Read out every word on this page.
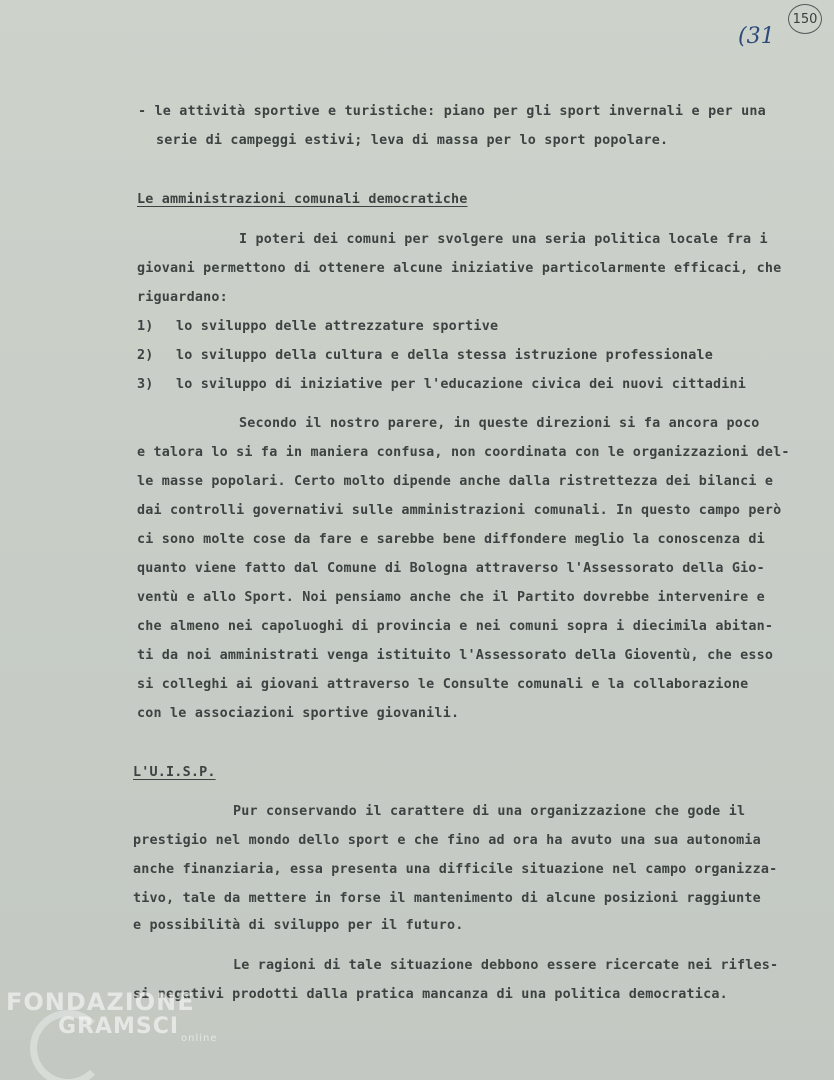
(31
150
- le attività sportive e turistiche: piano per gli sport invernali e per una
serie di campeggi estivi; leva di massa per lo sport popolare.
Le amministrazioni comunali democratiche
I poteri dei comuni per svolgere una seria politica locale fra i
giovani permettono di ottenere alcune iniziative particolarmente efficaci, che
riguardano:
1) lo sviluppo delle attrezzature sportive
2) lo sviluppo della cultura e della stessa istruzione professionale
3) lo sviluppo di iniziative per l'educazione civica dei nuovi cittadini
Secondo il nostro parere, in queste direzioni si fa ancora poco
e talora lo si fa in maniera confusa, non coordinata con le organizzazioni del-
le masse popolari. Certo molto dipende anche dalla ristrettezza dei bilanci e
dai controlli governativi sulle amministrazioni comunali. In questo campo però
ci sono molte cose da fare e sarebbe bene diffondere meglio la conoscenza di
quanto viene fatto dal Comune di Bologna attraverso l'Assessorato della Gio-
ventù e allo Sport. Noi pensiamo anche che il Partito dovrebbe intervenire e
che almeno nei capoluoghi di provincia e nei comuni sopra i diecimila abitan-
ti da noi amministrati venga istituito l'Assessorato della Gioventù, che esso
si colleghi ai giovani attraverso le Consulte comunali e la collaborazione
con le associazioni sportive giovanili.
L'U.I.S.P.
Pur conservando il carattere di una organizzazione che gode il
prestigio nel mondo dello sport e che fino ad ora ha avuto una sua autonomia
anche finanziaria, essa presenta una difficile situazione nel campo organizza-
tivo, tale da mettere in forse il mantenimento di alcune posizioni raggiunte
e possibilità di sviluppo per il futuro.
Le ragioni di tale situazione debbono essere ricercate nei rifles-
si negativi prodotti dalla pratica mancanza di una politica democratica.
FONDAZIONE
GRAMSCI online
